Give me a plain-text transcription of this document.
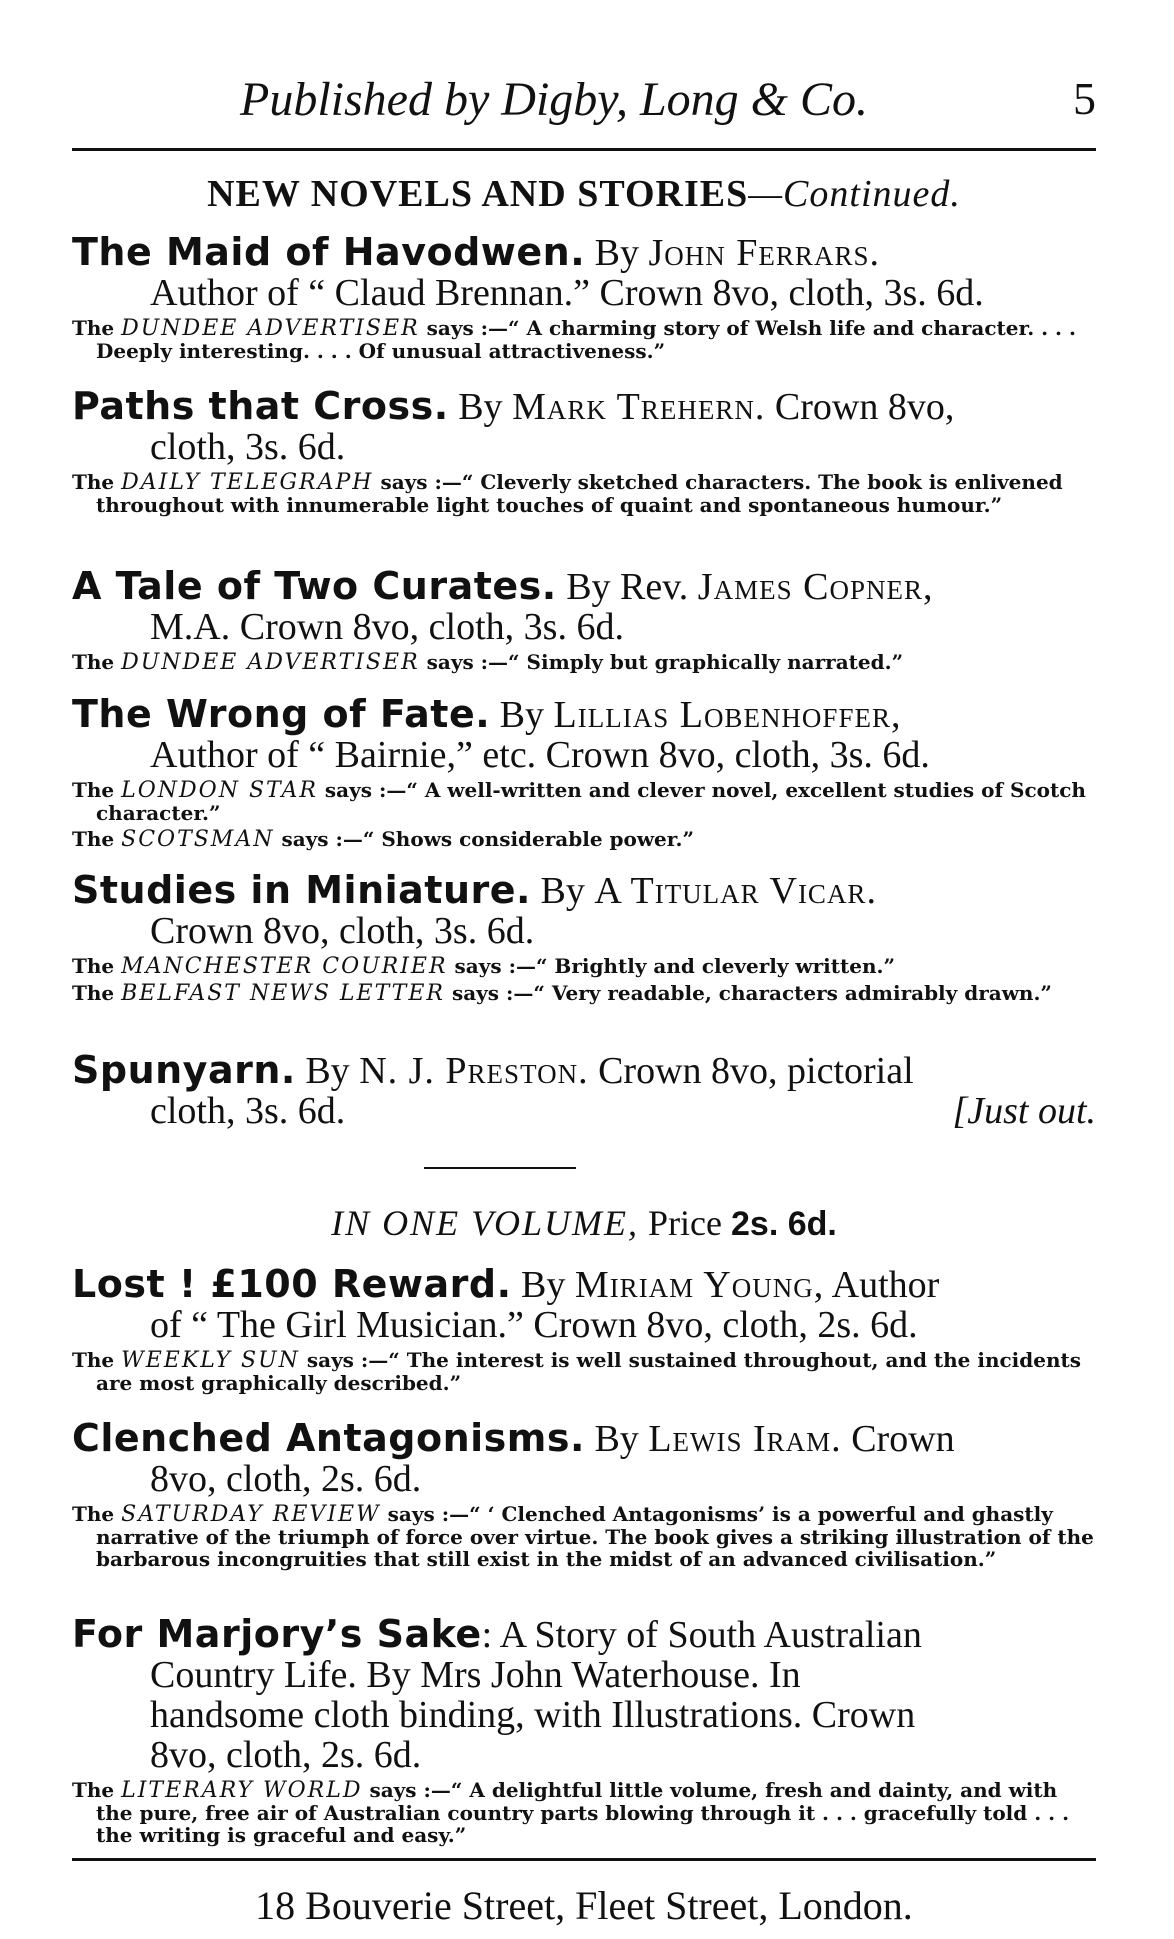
Published by Digby, Long & Co.	5
NEW NOVELS AND STORIES—Continued.
The Maid of Havodwen. By John Ferrars.
Author of “ Claud Brennan.” Crown 8vo, cloth, 3s. 6d.
The DUNDEE ADVERTISER says :—“ A charming story of Welsh life and character. . . . Deeply interesting. . . . Of unusual attractiveness.”
Paths that Cross. By Mark Trehern. Crown 8vo,
cloth, 3s. 6d.
The DAILY TELEGRAPH says :—“ Cleverly sketched characters. The book is enlivened throughout with innumerable light touches of quaint and spontaneous humour.”
A Tale of Two Curates. By Rev. James Copner,
M.A. Crown 8vo, cloth, 3s. 6d.
The DUNDEE ADVERTISER says :—“ Simply but graphically narrated.”
The Wrong of Fate. By Lillias Lobenhoffer,
Author of “ Bairnie,” etc. Crown 8vo, cloth, 3s. 6d.
The LONDON STAR says :—“ A well-written and clever novel, excellent studies of Scotch character.”
The SCOTSMAN says :—“ Shows considerable power.”
Studies in Miniature. By A Titular Vicar.
Crown 8vo, cloth, 3s. 6d.
The MANCHESTER COURIER says :—“ Brightly and cleverly written.”
The BELFAST NEWS LETTER says :—“ Very readable, characters admirably drawn.”
Spunyarn. By N. J. Preston. Crown 8vo, pictorial
cloth, 3s. 6d.	[Just out.
IN ONE VOLUME, Price 2s. 6d.
Lost ! £100 Reward. By Miriam Young, Author
of “ The Girl Musician.” Crown 8vo, cloth, 2s. 6d.
The WEEKLY SUN says :—“ The interest is well sustained throughout, and the incidents are most graphically described.”
Clenched Antagonisms. By Lewis Iram. Crown
8vo, cloth, 2s. 6d.
The SATURDAY REVIEW says :—“ ‘ Clenched Antagonisms’ is a powerful and ghastly narrative of the triumph of force over virtue. The book gives a striking illustration of the barbarous incongruities that still exist in the midst of an advanced civilisation.”
For Marjory’s Sake: A Story of South Australian
Country Life. By Mrs John Waterhouse. In
handsome cloth binding, with Illustrations. Crown
8vo, cloth, 2s. 6d.
The LITERARY WORLD says :—“ A delightful little volume, fresh and dainty, and with the pure, free air of Australian country parts blowing through it . . . gracefully told . . . the writing is graceful and easy.”
18 Bouverie Street, Fleet Street, London.
